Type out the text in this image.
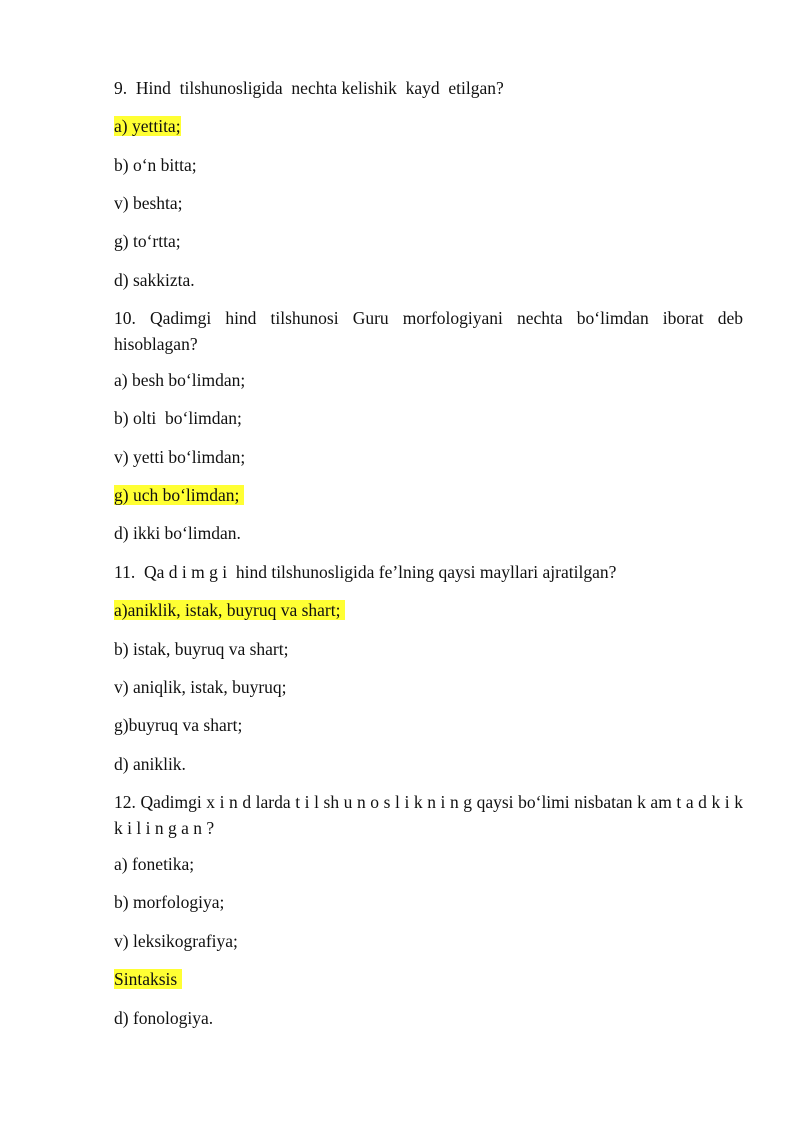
9.  Hind  tilshunosligida  nechta kelishik  kayd  etilgan?
a) yettita;
b) o‘n bitta;
v) beshta;
g) to‘rtta;
d) sakkizta.
10. Qadimgi hind tilshunosi Guru morfologiyani nechta bo‘limdan iborat deb hisoblagan?
a) besh bo‘limdan;
b) olti  bo‘limdan;
v) yetti bo‘limdan;
g) uch bo‘limdan;
d) ikki bo‘limdan.
11.  Qa d i m g i  hind tilshunosligida fe’lning qaysi mayllari ajratilgan?
a)aniklik, istak, buyruq va shart;
b) istak, buyruq va shart;
v) aniqlik, istak, buyruq;
g)buyruq va shart;
d) aniklik.
12. Qadimgi x i n d larda t i l sh u n o s l i k n i n g qaysi bo‘limi nisbatan k am t a d k i k k i l i n g a n ?
a) fonetika;
b) morfologiya;
v) leksikografiya;
Sintaksis
d) fonologiya.
